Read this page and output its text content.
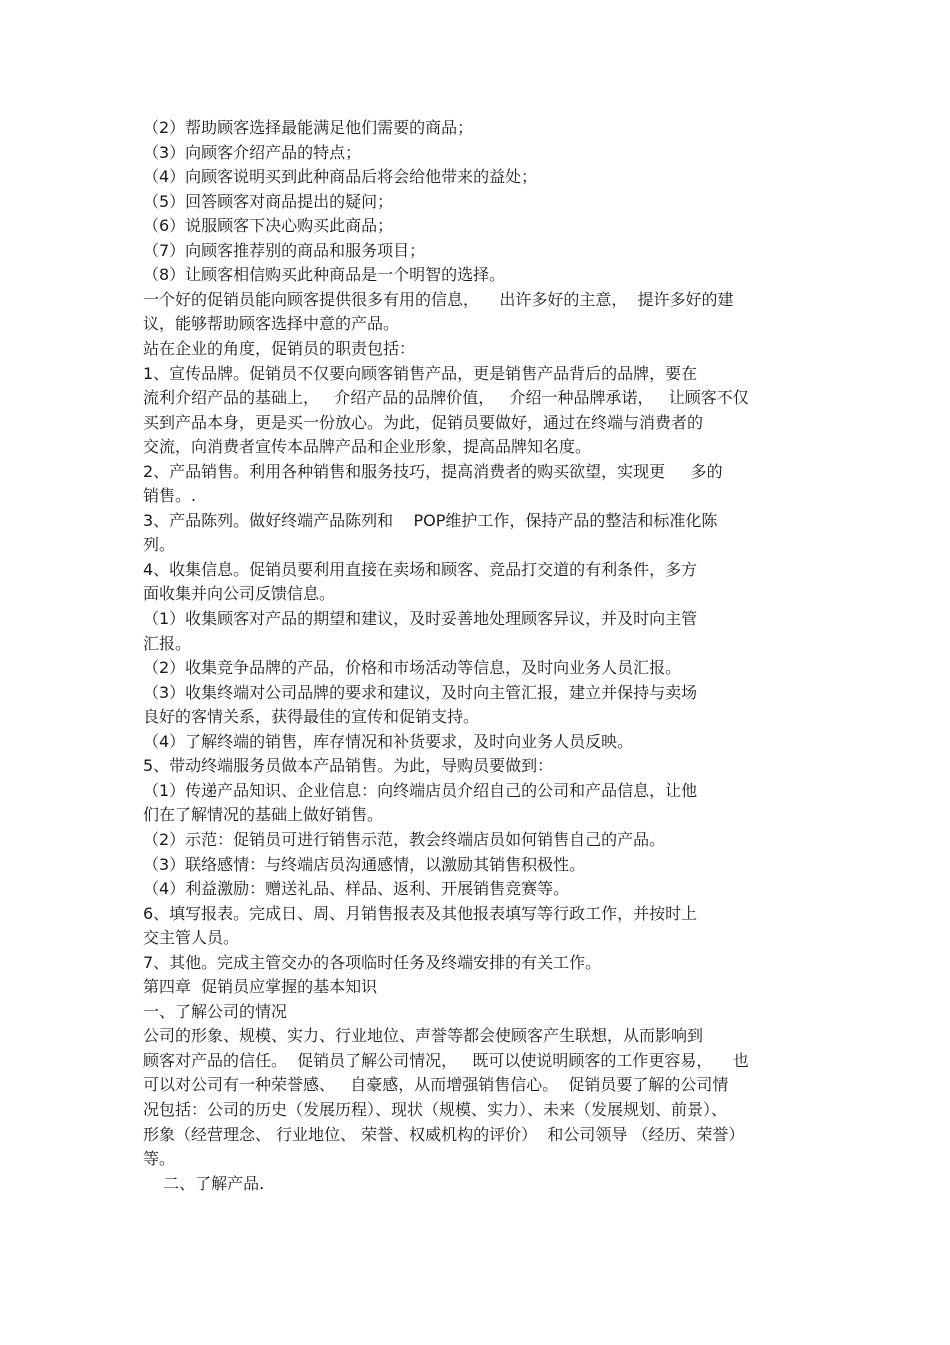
（2）帮助顾客选择最能满足他们需要的商品；
（3）向顾客介绍产品的特点；
（4）向顾客说明买到此种商品后将会给他带来的益处；
（5）回答顾客对商品提出的疑问；
（6）说服顾客下决心购买此商品；
（7）向顾客推荐别的商品和服务项目；
（8）让顾客相信购买此种商品是一个明智的选择。
一个好的促销员能向顾客提供很多有用的信息，    出许多好的主意，  提许多好的建
议，能够帮助顾客选择中意的产品。
站在企业的角度，促销员的职责包括：
1、宣传品牌。促销员不仅要向顾客销售产品，更是销售产品背后的品牌，要在
流利介绍产品的基础上，   介绍产品的品牌价值，   介绍一种品牌承诺，   让顾客不仅
买到产品本身，更是买一份放心。为此，促销员要做好，通过在终端与消费者的
交流，向消费者宣传本品牌产品和企业形象，提高品牌知名度。
2、产品销售。利用各种销售和服务技巧，提高消费者的购买欲望，实现更     多的
销售。.
3、产品陈列。做好终端产品陈列和    POP维护工作，保持产品的整洁和标准化陈
列。
4、收集信息。促销员要利用直接在卖场和顾客、竞品打交道的有利条件，多方
面收集并向公司反馈信息。
（1）收集顾客对产品的期望和建议，及时妥善地处理顾客异议，并及时向主管
汇报。
（2）收集竞争品牌的产品，价格和市场活动等信息，及时向业务人员汇报。
（3）收集终端对公司品牌的要求和建议，及时向主管汇报，建立并保持与卖场
良好的客情关系，获得最佳的宣传和促销支持。
（4）了解终端的销售，库存情况和补货要求，及时向业务人员反映。
5、带动终端服务员做本产品销售。为此，导购员要做到：
（1）传递产品知识、企业信息：向终端店员介绍自己的公司和产品信息，让他
们在了解情况的基础上做好销售。
（2）示范：促销员可进行销售示范，教会终端店员如何销售自己的产品。
（3）联络感情：与终端店员沟通感情，以激励其销售积极性。
（4）利益激励：赠送礼品、样品、返利、开展销售竞赛等。
6、填写报表。完成日、周、月销售报表及其他报表填写等行政工作，并按时上
交主管人员。
7、其他。完成主管交办的各项临时任务及终端安排的有关工作。
第四章  促销员应掌握的基本知识
一、了解公司的情况
公司的形象、规模、实力、行业地位、声誉等都会使顾客产生联想，从而影响到
顾客对产品的信任。  促销员了解公司情况，   既可以使说明顾客的工作更容易，    也
可以对公司有一种荣誉感、   自豪感，从而增强销售信心。  促销员要了解的公司情
况包括：公司的历史（发展历程）、现状（规模、实力）、未来（发展规划、前景）、
形象（经营理念、 行业地位、 荣誉、权威机构的评价）  和公司领导 （经历、荣誉）
等。
二、了解产品.
